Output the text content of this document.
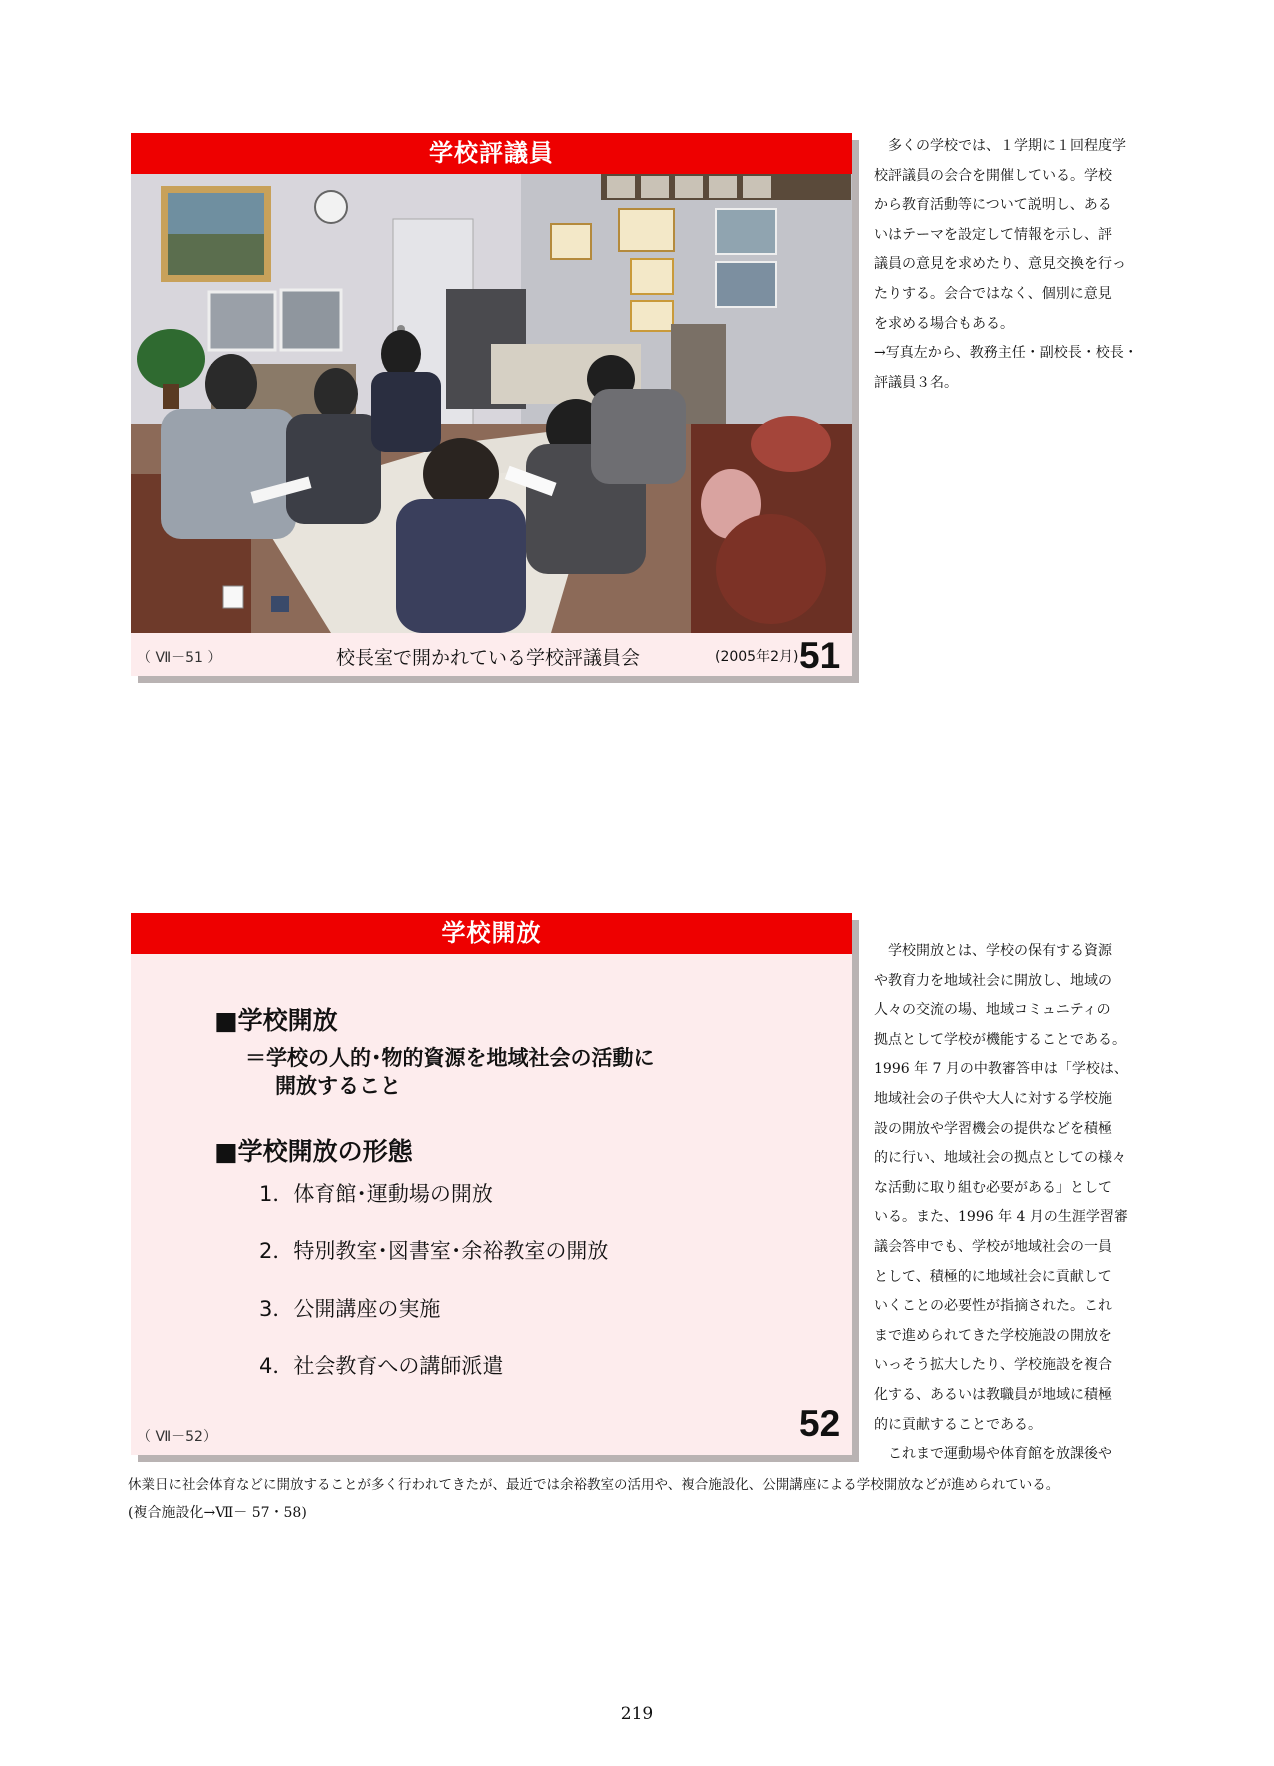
学校評議員
（ Ⅶ－51 ）	校長室で開かれている学校評議員会	(2005年2月) 51
　多くの学校では、１学期に１回程度学
校評議員の会合を開催している。学校
から教育活動等について説明し、ある
いはテーマを設定して情報を示し、評
議員の意見を求めたり、意見交換を行っ
たりする。会合ではなく、個別に意見
を求める場合もある。
→写真左から、教務主任・副校長・校長・
評議員３名。
学校開放
■学校開放
＝学校の人的･物的資源を地域社会の活動に
開放すること
■学校開放の形態
1．体育館･運動場の開放
2．特別教室･図書室･余裕教室の開放
3．公開講座の実施
4．社会教育への講師派遣
（ Ⅶ－52）	52
　学校開放とは、学校の保有する資源
や教育力を地域社会に開放し、地域の
人々の交流の場、地域コミュニティの
拠点として学校が機能することである。
1996 年 7 月の中教審答申は「学校は、
地域社会の子供や大人に対する学校施
設の開放や学習機会の提供などを積極
的に行い、地域社会の拠点としての様々
な活動に取り組む必要がある」として
いる。また、1996 年 4 月の生涯学習審
議会答申でも、学校が地域社会の一員
として、積極的に地域社会に貢献して
いくことの必要性が指摘された。これ
まで進められてきた学校施設の開放を
いっそう拡大したり、学校施設を複合
化する、あるいは教職員が地域に積極
的に貢献することである。
　これまで運動場や体育館を放課後や
休業日に社会体育などに開放することが多く行われてきたが、最近では余裕教室の活用や、複合施設化、公開講座による学校開放などが進められている。
(複合施設化→Ⅶ－ 57・58)
219
